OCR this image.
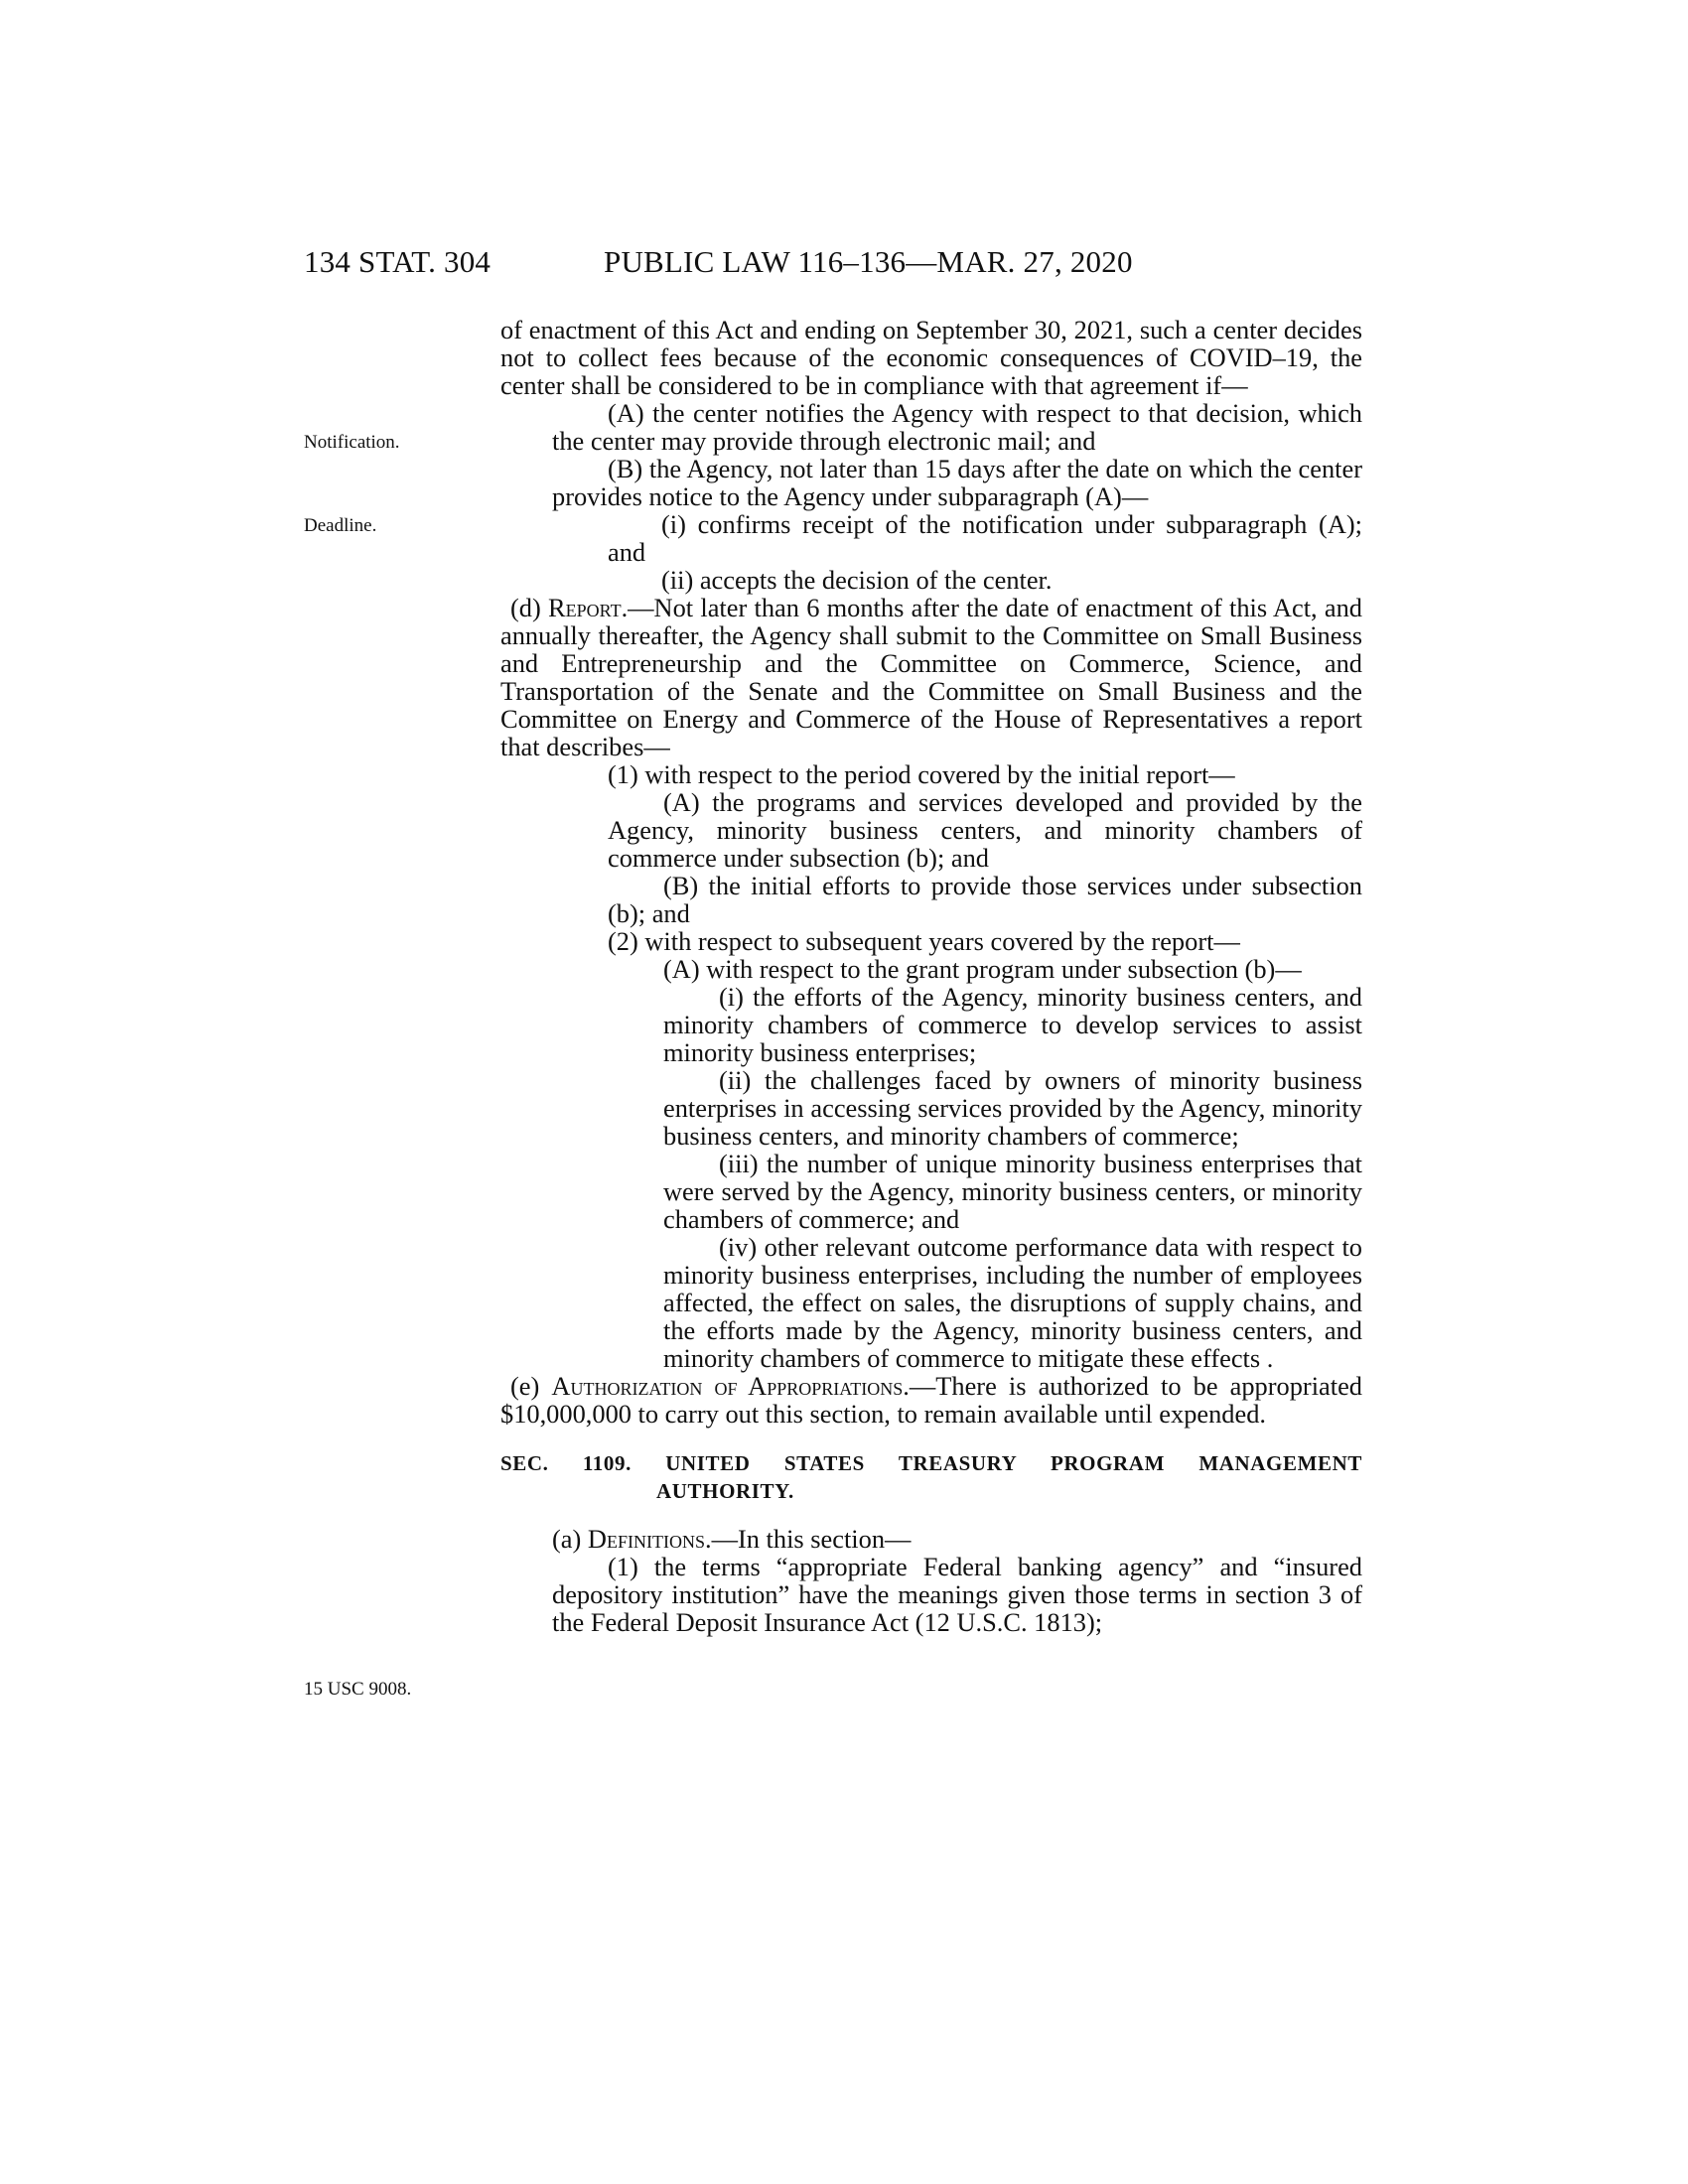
134 STAT. 304	PUBLIC LAW 116–136—MAR. 27, 2020
Notification.
Deadline.
15 USC 9008.

of enactment of this Act and ending on September 30, 2021, such a center decides not to collect fees because of the economic consequences of COVID–19, the center shall be considered to be in compliance with that agreement if—

(A) the center notifies the Agency with respect to that decision, which the center may provide through electronic mail; and

(B) the Agency, not later than 15 days after the date on which the center provides notice to the Agency under subparagraph (A)—

(i) confirms receipt of the notification under subparagraph (A); and

(ii) accepts the decision of the center.

(d) Report.—Not later than 6 months after the date of enactment of this Act, and annually thereafter, the Agency shall submit to the Committee on Small Business and Entrepreneurship and the Committee on Commerce, Science, and Transportation of the Senate and the Committee on Small Business and the Committee on Energy and Commerce of the House of Representatives a report that describes—

(1) with respect to the period covered by the initial report—

(A) the programs and services developed and provided by the Agency, minority business centers, and minority chambers of commerce under subsection (b); and

(B) the initial efforts to provide those services under subsection (b); and

(2) with respect to subsequent years covered by the report—

(A) with respect to the grant program under subsection (b)—

(i) the efforts of the Agency, minority business centers, and minority chambers of commerce to develop services to assist minority business enterprises;

(ii) the challenges faced by owners of minority business enterprises in accessing services provided by the Agency, minority business centers, and minority chambers of commerce;

(iii) the number of unique minority business enterprises that were served by the Agency, minority business centers, or minority chambers of commerce; and

(iv) other relevant outcome performance data with respect to minority business enterprises, including the number of employees affected, the effect on sales, the disruptions of supply chains, and the efforts made by the Agency, minority business centers, and minority chambers of commerce to mitigate these effects .

(e) Authorization of Appropriations.—There is authorized to be appropriated $10,000,000 to carry out this section, to remain available until expended.

SEC. 1109. UNITED STATES TREASURY PROGRAM MANAGEMENT
AUTHORITY.

(a) Definitions.—In this section—

(1) the terms “appropriate Federal banking agency” and “insured depository institution” have the meanings given those terms in section 3 of the Federal Deposit Insurance Act (12 U.S.C. 1813);
